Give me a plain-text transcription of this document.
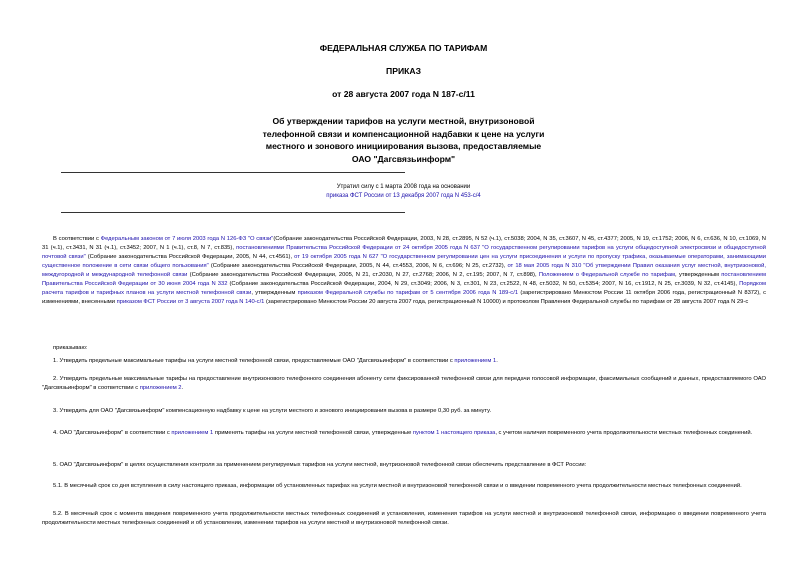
ФЕДЕРАЛЬНАЯ СЛУЖБА ПО ТАРИФАМ
ПРИКАЗ
от 28 августа 2007 года N 187-с/11
Об утверждении тарифов на услуги местной, внутризоновой
телефонной связи и компенсационной надбавки к цене на услуги
местного и зонового инициирования вызова, предоставляемые
ОАО "Дагсвязьинформ"
Утратил силу с 1 марта 2008 года на основании
приказа ФСТ России от 13 декабря 2007 года N 453-с/4
В соответствии с Федеральным законом от 7 июля 2003 года N 126-ФЗ "О связи"(Собрание законодательства Российской Федерации, 2003, N 28, ст.2895, N 52 (ч.1), ст.5038; 2004, N 35, ст.3607, N 45, ст.4377; 2005, N 19, ст.1752; 2006, N 6, ст.636, N 10, ст.1069, N 31 (ч.1), ст.3431, N 31 (ч.1), ст.3452; 2007, N 1 (ч.1), ст.8, N 7, ст.835), постановлениями Правительства Российской Федерации от 24 октября 2005 года N 637 "О государственном регулировании тарифов на услуги общедоступной электросвязи и общедоступной почтовой связи" (Собрание законодательства Российской Федерации, 2005, N 44, ст.4561), от 19 октября 2005 года N 627 "О государственном регулировании цен на услуги присоединения и услуги по пропуску трафика, оказываемые операторами, занимающими существенное положение в сети связи общего пользования" (Собрание законодательства Российской Федерации, 2005, N 44, ст.4553, 2006, N 6, ст.696; N 25, ст.2732), от 18 мая 2005 года N 310 "Об утверждении Правил оказания услуг местной, внутризоновой, междугородной и международной телефонной связи (Собрание законодательства Российской Федерации, 2005, N 21, ст.2030, N 27, ст.2768; 2006, N 2, ст.195; 2007, N 7, ст.898), Положением о Федеральной службе по тарифам, утвержденным постановлением Правительства Российской Федерации от 30 июня 2004 года N 332 (Собрание законодательства Российской Федерации, 2004, N 29, ст.3049; 2006, N 3, ст.301, N 23, ст.2522, N 48, ст.5032, N 50, ст.5354; 2007, N 16, ст.1912, N 25, ст.3039, N 32, ст.4145), Порядком расчета тарифов и тарифных планов на услуги местной телефонной связи, утвержденным приказом Федеральной службы по тарифам от 5 сентября 2006 года N 189-с/1 (зарегистрировано Минюстом России 11 октября 2006 года, регистрационный N 8372), с изменениями, внесенными приказом ФСТ России от 3 августа 2007 года N 140-с/1 (зарегистрировано Минюстом России 20 августа 2007 года, регистрационный N 10000) и протоколом Правления Федеральной службы по тарифам от 28 августа 2007 года N 29-с
приказываю:
1. Утвердить предельные максимальные тарифы на услуги местной телефонной связи, предоставляемые ОАО "Дагсвязьинформ" в соответствии с приложением 1.
2. Утвердить предельные максимальные тарифы на предоставление внутризонового телефонного соединения абоненту сети фиксированной телефонной связи для передачи голосовой информации, факсимильных сообщений и данных, предоставляемого ОАО "Дагсвязьинформ" в соответствии с приложением 2.
3. Утвердить для ОАО "Дагсвязьинформ" компенсационную надбавку к цене на услуги местного и зонового инициирования вызова в размере 0,30 руб. за минуту.
4. ОАО "Дагсвязьинформ" в соответствии с приложением 1 применять тарифы на услуги местной телефонной связи, утвержденные пунктом 1 настоящего приказа, с учетом наличия повременного учета продолжительности местных телефонных соединений.
5. ОАО "Дагсвязьинформ" в целях осуществления контроля за применением регулируемых тарифов на услуги местной, внутризоновой телефонной связи обеспечить представление в ФСТ России:
5.1. В месячный срок со дня вступления в силу настоящего приказа, информации об установленных тарифах на услуги местной и внутризоновой телефонной связи и о введении повременного учета продолжительности местных телефонных соединений.
5.2. В месячный срок с момента введения повременного учета продолжительности местных телефонных соединений и установления, изменения тарифов на услуги местной и внутризоновой телефонной связи, информацию о введении повременного учета продолжительности местных телефонных соединений и об установлении, изменении тарифов на услуги местной и внутризоновой телефонной связи.
